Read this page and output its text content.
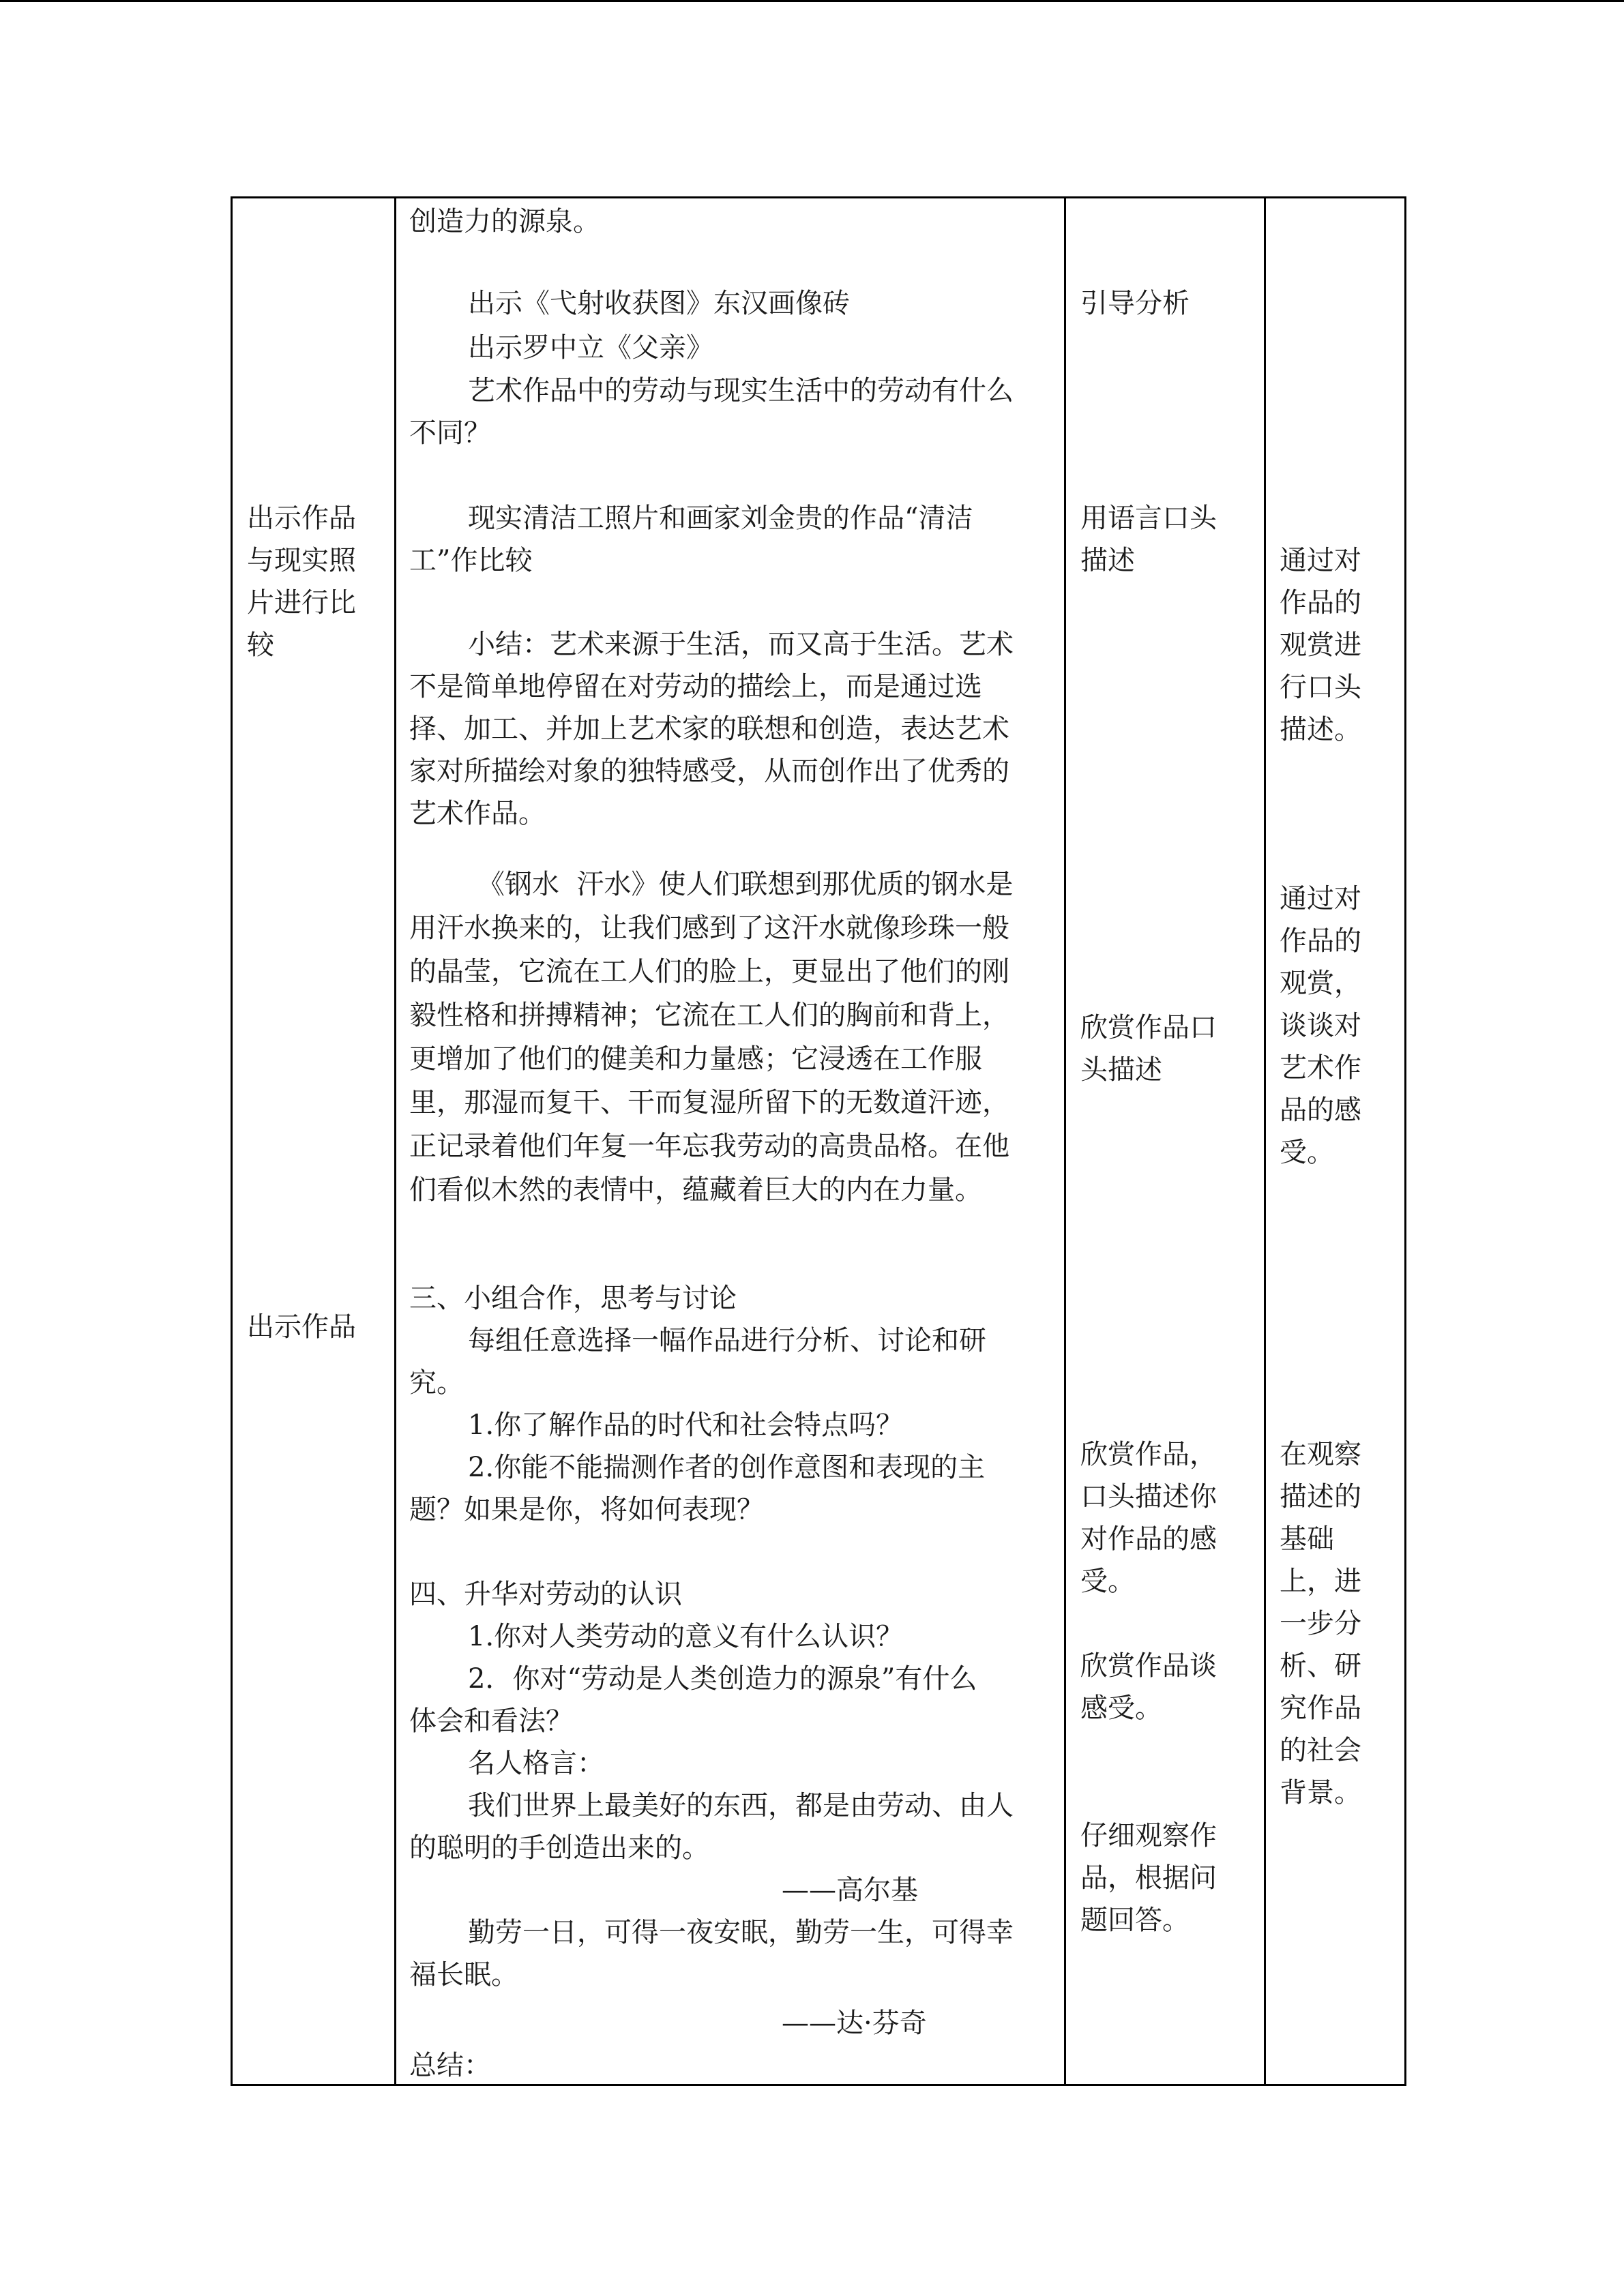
出示作品
与现实照
片进行比
较
出示作品
创造力的源泉。
出示《弋射收获图》东汉画像砖
出示罗中立《父亲》
艺术作品中的劳动与现实生活中的劳动有什么
不同？
现实清洁工照片和画家刘金贵的作品“清洁
工”作比较
小结：艺术来源于生活，而又高于生活。艺术
不是简单地停留在对劳动的描绘上，而是通过选
择、加工、并加上艺术家的联想和创造，表达艺术
家对所描绘对象的独特感受，从而创作出了优秀的
艺术作品。
《钢水  汗水》使人们联想到那优质的钢水是
用汗水换来的，让我们感到了这汗水就像珍珠一般
的晶莹，它流在工人们的脸上，更显出了他们的刚
毅性格和拼搏精神；它流在工人们的胸前和背上，
更增加了他们的健美和力量感；它浸透在工作服
里，那湿而复干、干而复湿所留下的无数道汗迹，
正记录着他们年复一年忘我劳动的高贵品格。在他
们看似木然的表情中，蕴藏着巨大的内在力量。
三、小组合作，思考与讨论
每组任意选择一幅作品进行分析、讨论和研
究。
1.你了解作品的时代和社会特点吗？
2.你能不能揣测作者的创作意图和表现的主
题？如果是你，将如何表现？
四、升华对劳动的认识
1.你对人类劳动的意义有什么认识？
2．你对“劳动是人类创造力的源泉”有什么
体会和看法？
名人格言：
我们世界上最美好的东西，都是由劳动、由人
的聪明的手创造出来的。
——高尔基
勤劳一日，可得一夜安眠，勤劳一生，可得幸
福长眠。
——达·芬奇
总结：
引导分析
用语言口头
描述
欣赏作品口
头描述
欣赏作品，
口头描述你
对作品的感
受。
欣赏作品谈
感受。
仔细观察作
品，根据问
题回答。
通过对
作品的
观赏进
行口头
描述。
通过对
作品的
观赏，
谈谈对
艺术作
品的感
受。
在观察
描述的
基础
上，进
一步分
析、研
究作品
的社会
背景。
